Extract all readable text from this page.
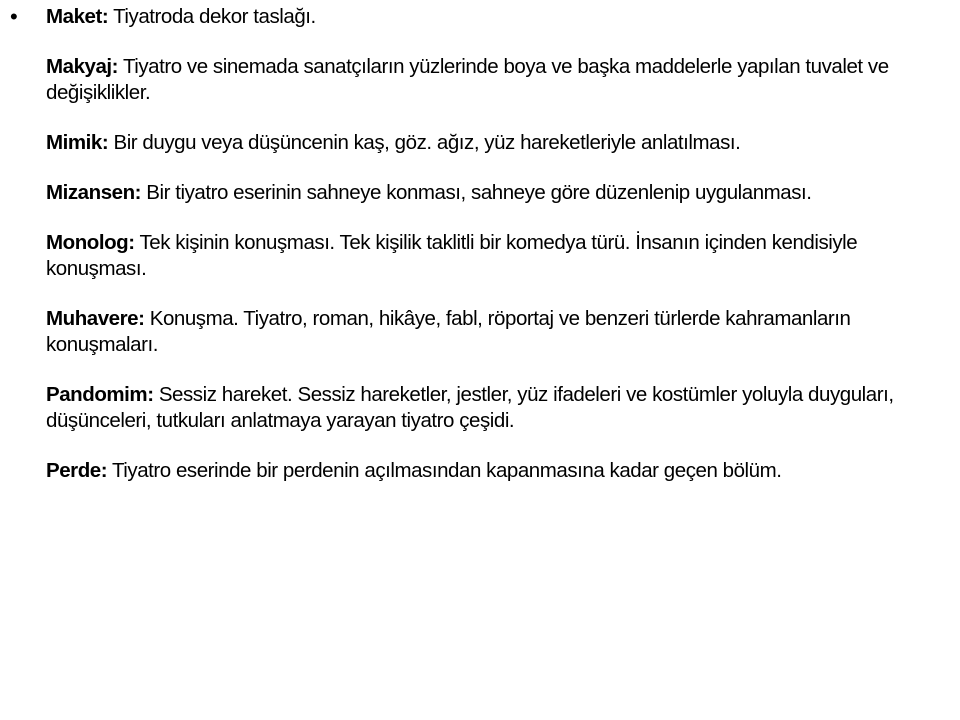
• Maket: Tiyatroda dekor taslağı.

Makyaj: Tiyatro ve sinemada sanatçıların yüzlerinde boya ve başka maddelerle yapılan tuvalet ve değişiklikler.

Mimik: Bir duygu veya düşüncenin kaş, göz. ağız, yüz hareketleriyle anlatılması.

Mizansen: Bir tiyatro eserinin sahneye konması, sahneye göre düzenlenip uygulanması.

Monolog: Tek kişinin konuşması. Tek kişilik taklitli bir komedya türü. İnsanın içinden kendisiyle konuşması.

Muhavere: Konuşma. Tiyatro, roman, hikâye, fabl, röportaj ve benzeri türlerde kahramanların konuşmaları.

Pandomim: Sessiz hareket. Sessiz hareketler, jestler, yüz ifadeleri ve kostümler yoluyla duyguları, düşünceleri, tutkuları anlatmaya yarayan tiyatro çeşidi.

Perde: Tiyatro eserinde bir perdenin açılmasından kapanmasına kadar geçen bölüm.
